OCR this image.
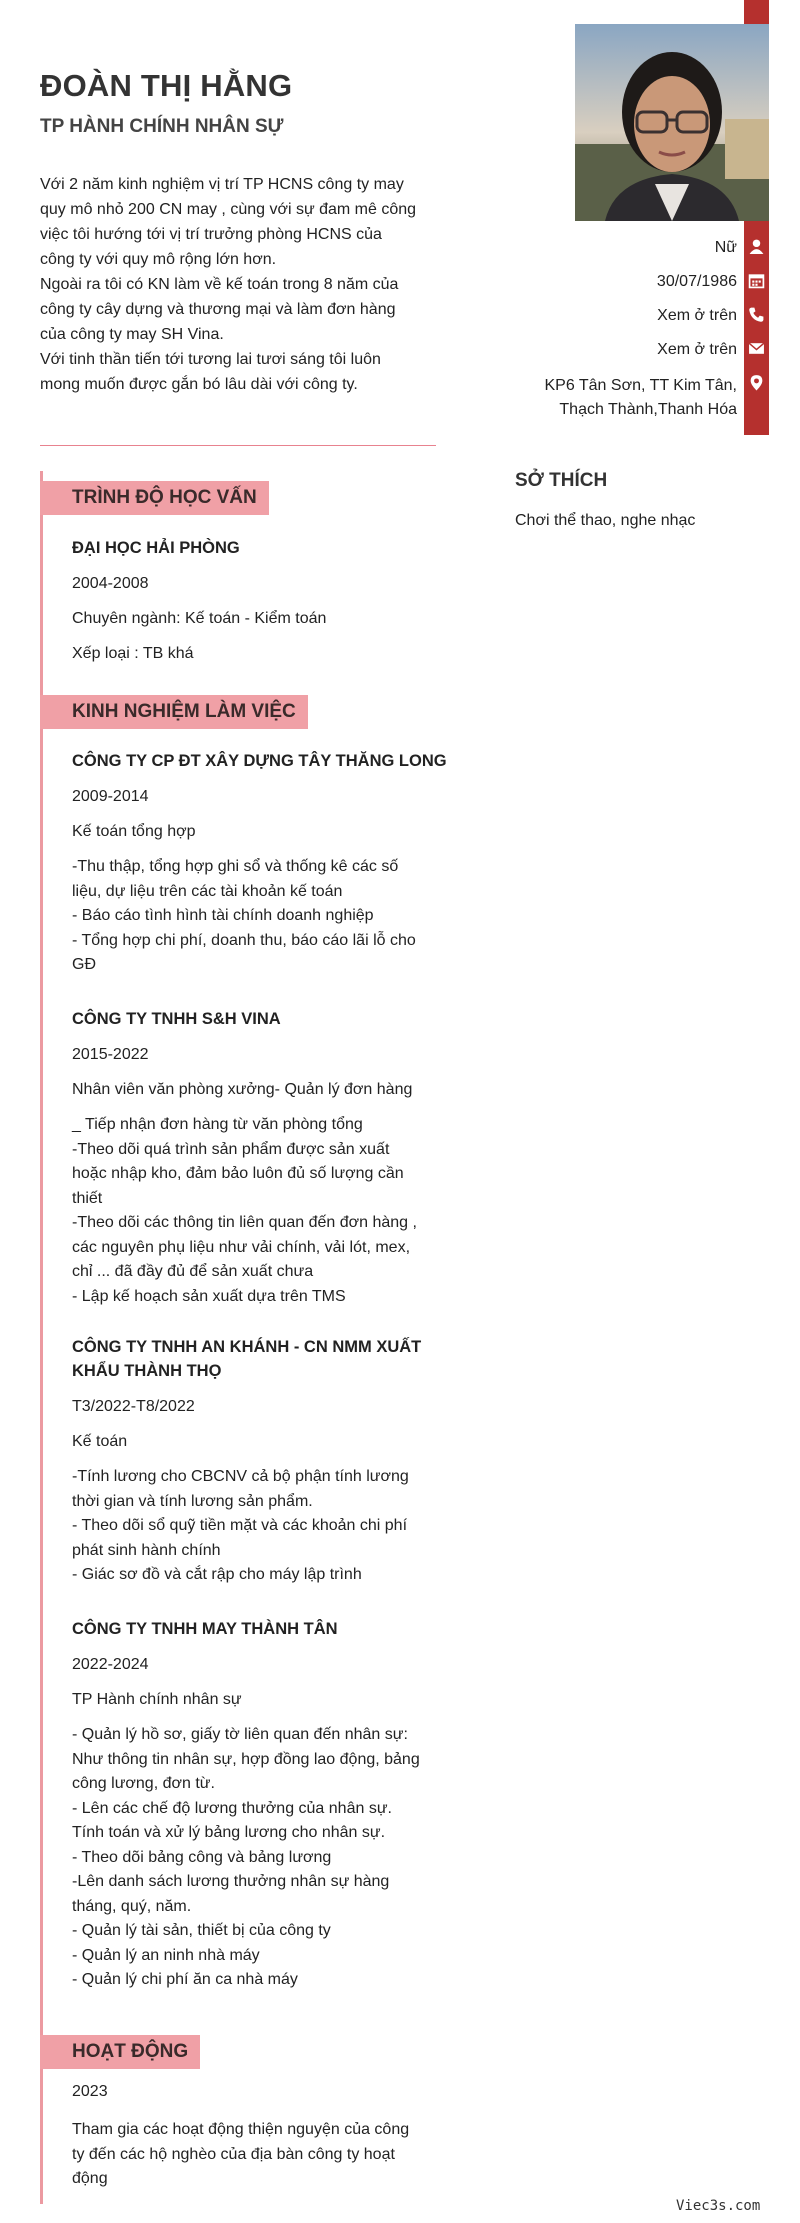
ĐOÀN THỊ HẰNG
TP HÀNH CHÍNH NHÂN SỰ
Với 2 năm kinh nghiệm vị trí TP HCNS công ty may
quy mô nhỏ 200 CN may , cùng với sự đam mê công
việc tôi hướng tới vị trí trưởng phòng HCNS của
công ty với quy mô rộng lớn hơn.
Ngoài ra tôi có KN làm về kế toán trong 8 năm của
công ty cây dựng và thương mại và làm đơn hàng
của công ty may SH Vina.
Với tinh thần tiến tới tương lai tươi sáng tôi luôn
mong muốn được gắn bó lâu dài với công ty.
Nữ
30/07/1986
Xem ở trên
Xem ở trên
KP6 Tân Sơn, TT Kim Tân,
Thạch Thành,Thanh Hóa
SỞ THÍCH
Chơi thể thao, nghe nhạc
TRÌNH ĐỘ HỌC VẤN
ĐẠI HỌC HẢI PHÒNG
2004-2008
Chuyên ngành: Kế toán - Kiểm toán
Xếp loại : TB khá
KINH NGHIỆM LÀM VIỆC
CÔNG TY CP ĐT XÂY DỰNG TÂY THĂNG LONG
2009-2014
Kế toán tổng hợp
-Thu thập, tổng hợp ghi sổ và thống kê các số
liệu, dự liệu trên các tài khoản kế toán
- Báo cáo tình hình tài chính doanh nghiệp
- Tổng hợp chi phí, doanh thu, báo cáo lãi lỗ cho
GĐ
CÔNG TY TNHH S&H VINA
2015-2022
Nhân viên văn phòng xưởng- Quản lý đơn hàng
_ Tiếp nhận đơn hàng từ văn phòng tổng
-Theo dõi quá trình sản phẩm được sản xuất
hoặc nhập kho, đảm bảo luôn đủ số lượng cần
thiết
-Theo dõi các thông tin liên quan đến đơn hàng ,
các nguyên phụ liệu như vải chính, vải lót, mex,
chỉ ... đã đầy đủ để sản xuất chưa
- Lập kế hoạch sản xuất dựa trên TMS
CÔNG TY TNHH AN KHÁNH - CN NMM XUẤT
KHẨU THÀNH THỌ
T3/2022-T8/2022
Kế toán
-Tính lương cho CBCNV cả bộ phận tính lương
thời gian và tính lương sản phẩm.
- Theo dõi sổ quỹ tiền mặt và các khoản chi phí
phát sinh hành chính
- Giác sơ đồ và cắt rập cho máy lập trình
CÔNG TY TNHH MAY THÀNH TÂN
2022-2024
TP Hành chính nhân sự
- Quản lý hồ sơ, giấy tờ liên quan đến nhân sự:
Như thông tin nhân sự, hợp đồng lao động, bảng
công lương, đơn từ.
- Lên các chế độ lương thưởng của nhân sự.
Tính toán và xử lý bảng lương cho nhân sự.
- Theo dõi bảng công và bảng lương
-Lên danh sách lương thưởng nhân sự hàng
tháng, quý, năm.
- Quản lý tài sản, thiết bị của công ty
- Quản lý an ninh nhà máy
- Quản lý chi phí ăn ca nhà máy
HOẠT ĐỘNG
2023
Tham gia các hoạt động thiện nguyện của công
ty đến các hộ nghèo của địa bàn công ty hoạt
động
Viec3s.com
